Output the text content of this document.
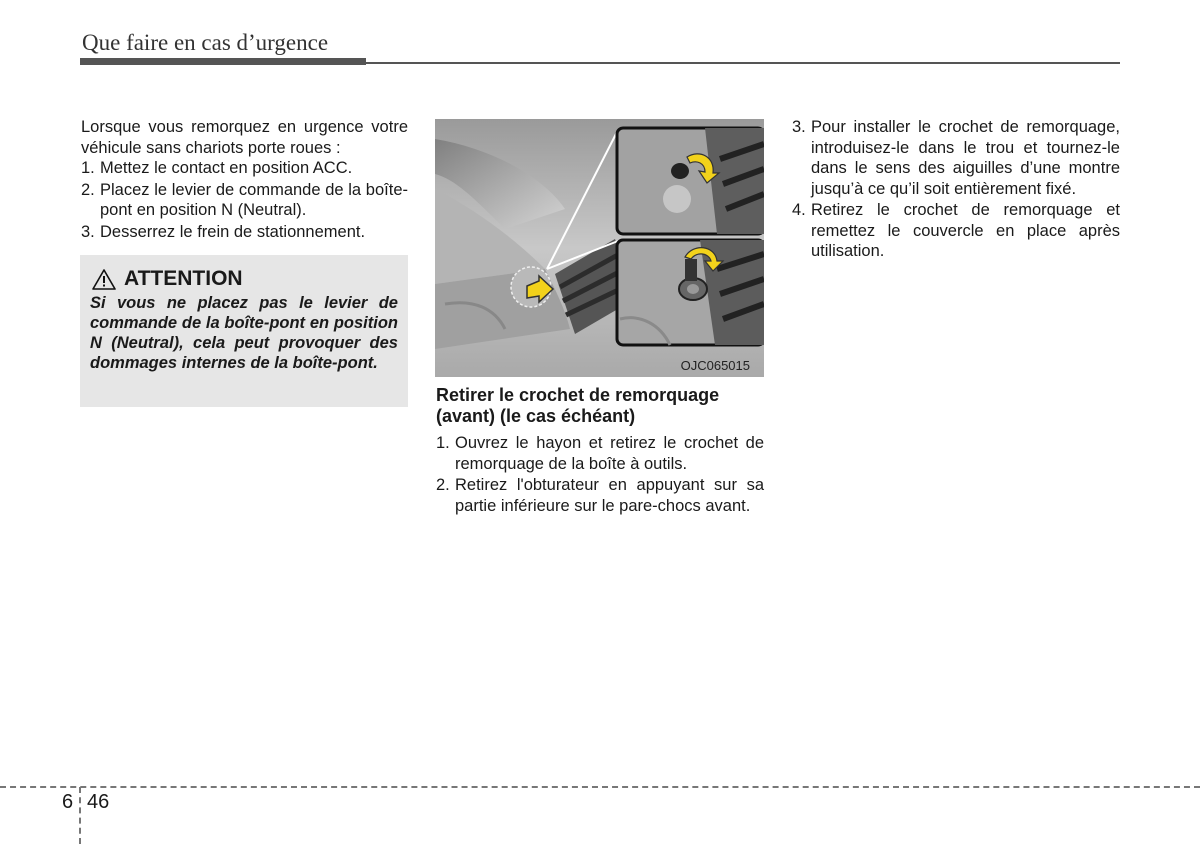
Que faire en cas d’urgence

Lorsque vous remorquez en urgence votre véhicule sans chariots porte roues :

1. Mettez le contact en position ACC.
2. Placez le levier de commande de la boîte-pont en position N (Neutral).
3. Desserrez le frein de stationnement.
ATTENTION
Si vous ne placez pas le levier de commande de la boîte-pont en position N (Neutral), cela peut provoquer des dommages internes de la boîte-pont.	OJC065015
Retirer le crochet de remorquage (avant) (le cas échéant)
1. Ouvrez le hayon et retirez le crochet de remorquage de la boîte à outils.
2. Retirez l'obturateur en appuyant sur sa partie inférieure sur le pare-chocs avant.
3. Pour installer le crochet de remorquage, introduisez-le dans le trou et tournez-le dans le sens des aiguilles d’une montre jusqu’à ce qu’il soit entièrement fixé.
4. Retirez le crochet de remorquage et remettez le couvercle en place après utilisation.
6 46
